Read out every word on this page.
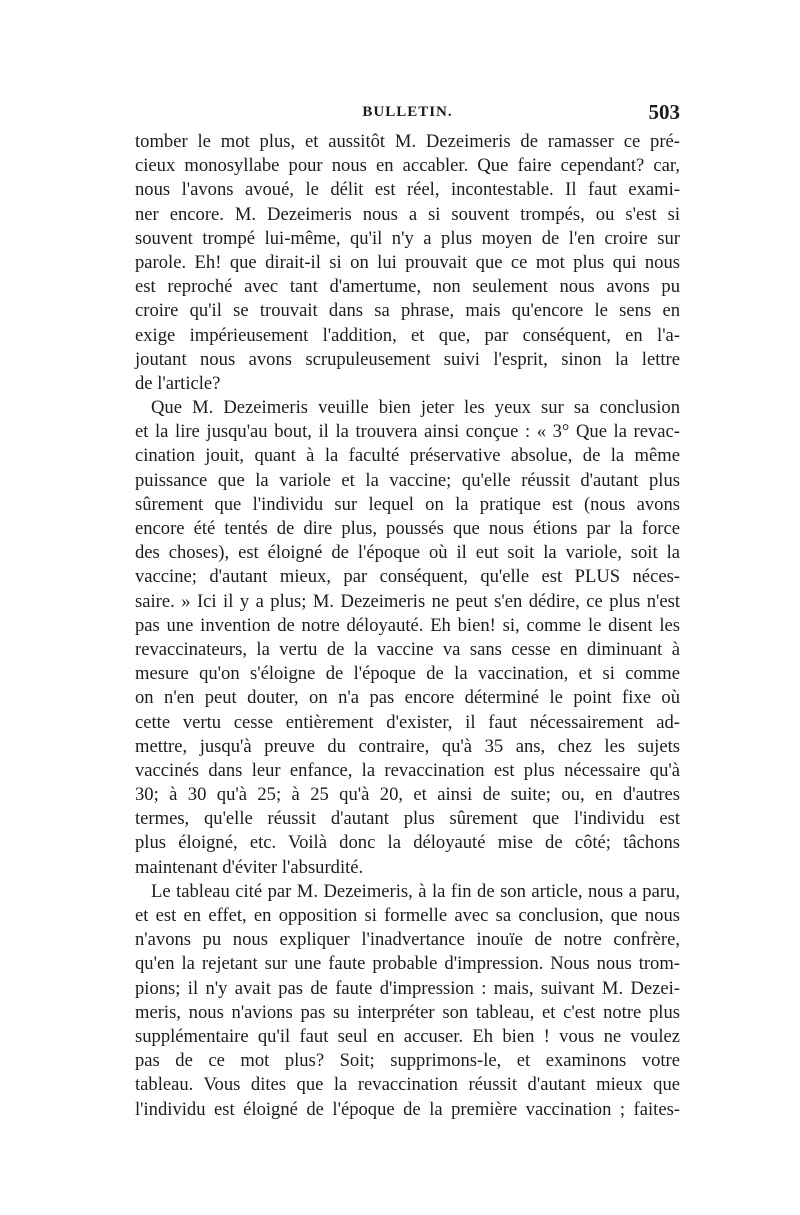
BULLETIN.	503
tomber le mot plus, et aussitôt M. Dezeimeris de ramasser ce pré-
cieux monosyllabe pour nous en accabler. Que faire cependant? car,
nous l'avons avoué, le délit est réel, incontestable. Il faut exami-
ner encore. M. Dezeimeris nous a si souvent trompés, ou s'est si
souvent trompé lui-même, qu'il n'y a plus moyen de l'en croire sur
parole. Eh! que dirait-il si on lui prouvait que ce mot plus qui nous
est reproché avec tant d'amertume, non seulement nous avons pu
croire qu'il se trouvait dans sa phrase, mais qu'encore le sens en
exige impérieusement l'addition, et que, par conséquent, en l'a-
joutant nous avons scrupuleusement suivi l'esprit, sinon la lettre
de l'article?
Que M. Dezeimeris veuille bien jeter les yeux sur sa conclusion
et la lire jusqu'au bout, il la trouvera ainsi conçue : « 3° Que la revac-
cination jouit, quant à la faculté préservative absolue, de la même
puissance que la variole et la vaccine; qu'elle réussit d'autant plus
sûrement que l'individu sur lequel on la pratique est (nous avons
encore été tentés de dire plus, poussés que nous étions par la force
des choses), est éloigné de l'époque où il eut soit la variole, soit la
vaccine; d'autant mieux, par conséquent, qu'elle est PLUS néces-
saire. » Ici il y a plus; M. Dezeimeris ne peut s'en dédire, ce plus n'est
pas une invention de notre déloyauté. Eh bien! si, comme le disent les
revaccinateurs, la vertu de la vaccine va sans cesse en diminuant à
mesure qu'on s'éloigne de l'époque de la vaccination, et si comme
on n'en peut douter, on n'a pas encore déterminé le point fixe où
cette vertu cesse entièrement d'exister, il faut nécessairement ad-
mettre, jusqu'à preuve du contraire, qu'à 35 ans, chez les sujets
vaccinés dans leur enfance, la revaccination est plus nécessaire qu'à
30; à 30 qu'à 25; à 25 qu'à 20, et ainsi de suite; ou, en d'autres
termes, qu'elle réussit d'autant plus sûrement que l'individu est
plus éloigné, etc. Voilà donc la déloyauté mise de côté; tâchons
maintenant d'éviter l'absurdité.
Le tableau cité par M. Dezeimeris, à la fin de son article, nous a paru,
et est en effet, en opposition si formelle avec sa conclusion, que nous
n'avons pu nous expliquer l'inadvertance inouïe de notre confrère,
qu'en la rejetant sur une faute probable d'impression. Nous nous trom-
pions; il n'y avait pas de faute d'impression : mais, suivant M. Dezei-
meris, nous n'avions pas su interpréter son tableau, et c'est notre plus
supplémentaire qu'il faut seul en accuser. Eh bien ! vous ne voulez
pas de ce mot plus? Soit; supprimons-le, et examinons votre
tableau. Vous dites que la revaccination réussit d'autant mieux que
l'individu est éloigné de l'époque de la première vaccination ; faites-
